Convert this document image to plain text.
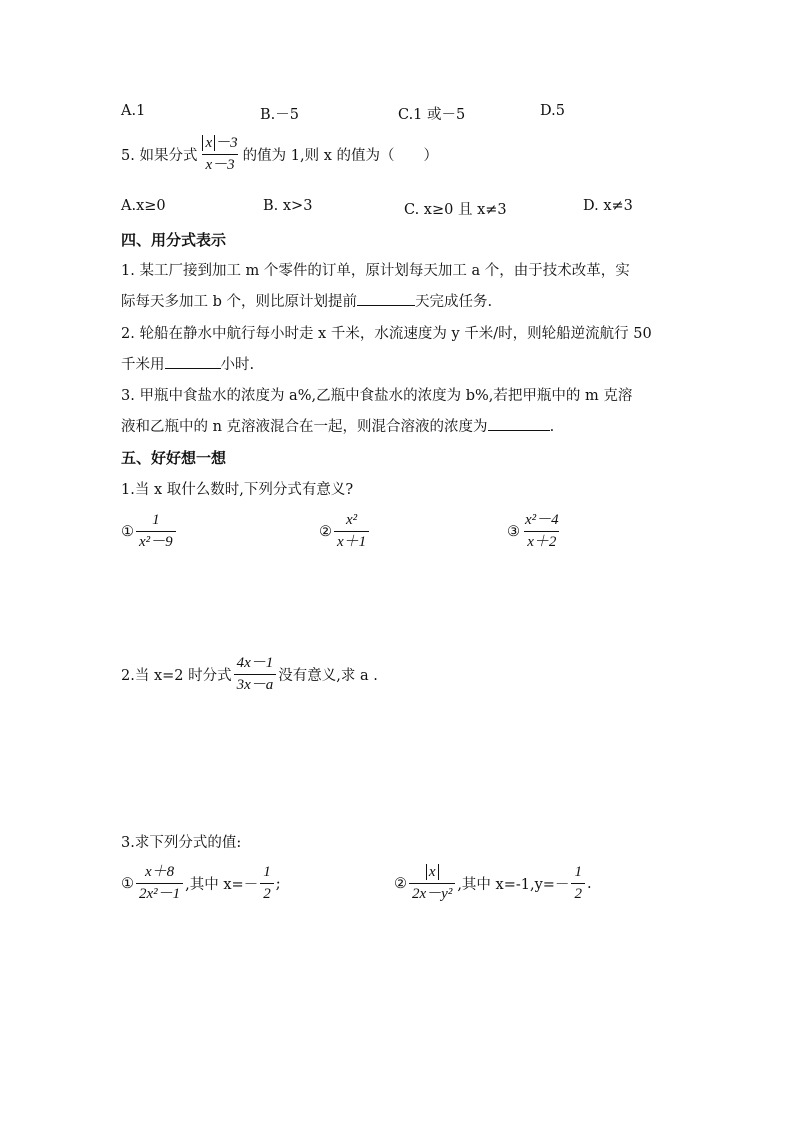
A.1	B.－5	C.1 或－5	D.5
5. 如果分式 $\frac{x -3}{x-3}$ 的值为 1,则 x 的值为（　　）
A.x≥0	B. x>3	C. x≥0 且 x≠3	D. x≠3
四、用分式表示
1. 某工厂接到加工 m 个零件的订单，原计划每天加工 a 个，由于技术改革，实
际每天多加工 b 个，则比原计划提前	天完成任务.
2. 轮船在静水中航行每小时走 x 千米，水流速度为 y 千米/时，则轮船逆流航行 50
千米用	小时.
3. 甲瓶中食盐水的浓度为 a%,乙瓶中食盐水的浓度为 b%,若把甲瓶中的 m 克溶
液和乙瓶中的 n 克溶液混合在一起，则混合溶液的浓度为	.
五、好好想一想
1.当 x 取什么数时,下列分式有意义?
① $\frac{1}{\text{x²－9}}$	② $\frac{\text{x²}}{x+1}$	③ $\frac{\text{x²－4}}{x+2}$
2.当 x=2 时分式 $\frac{4x-1}{3x-a}$ 没有意义,求 a .
3.求下列分式的值:
① $\frac{x+8}{\text{2x²－1}}$ ,其中 $x=- \frac{1}{2}$ ;	② $\frac{x}{\text{2x－y²}}$ ,其中 $x=-1,y=- \frac{1}{2}$ .
